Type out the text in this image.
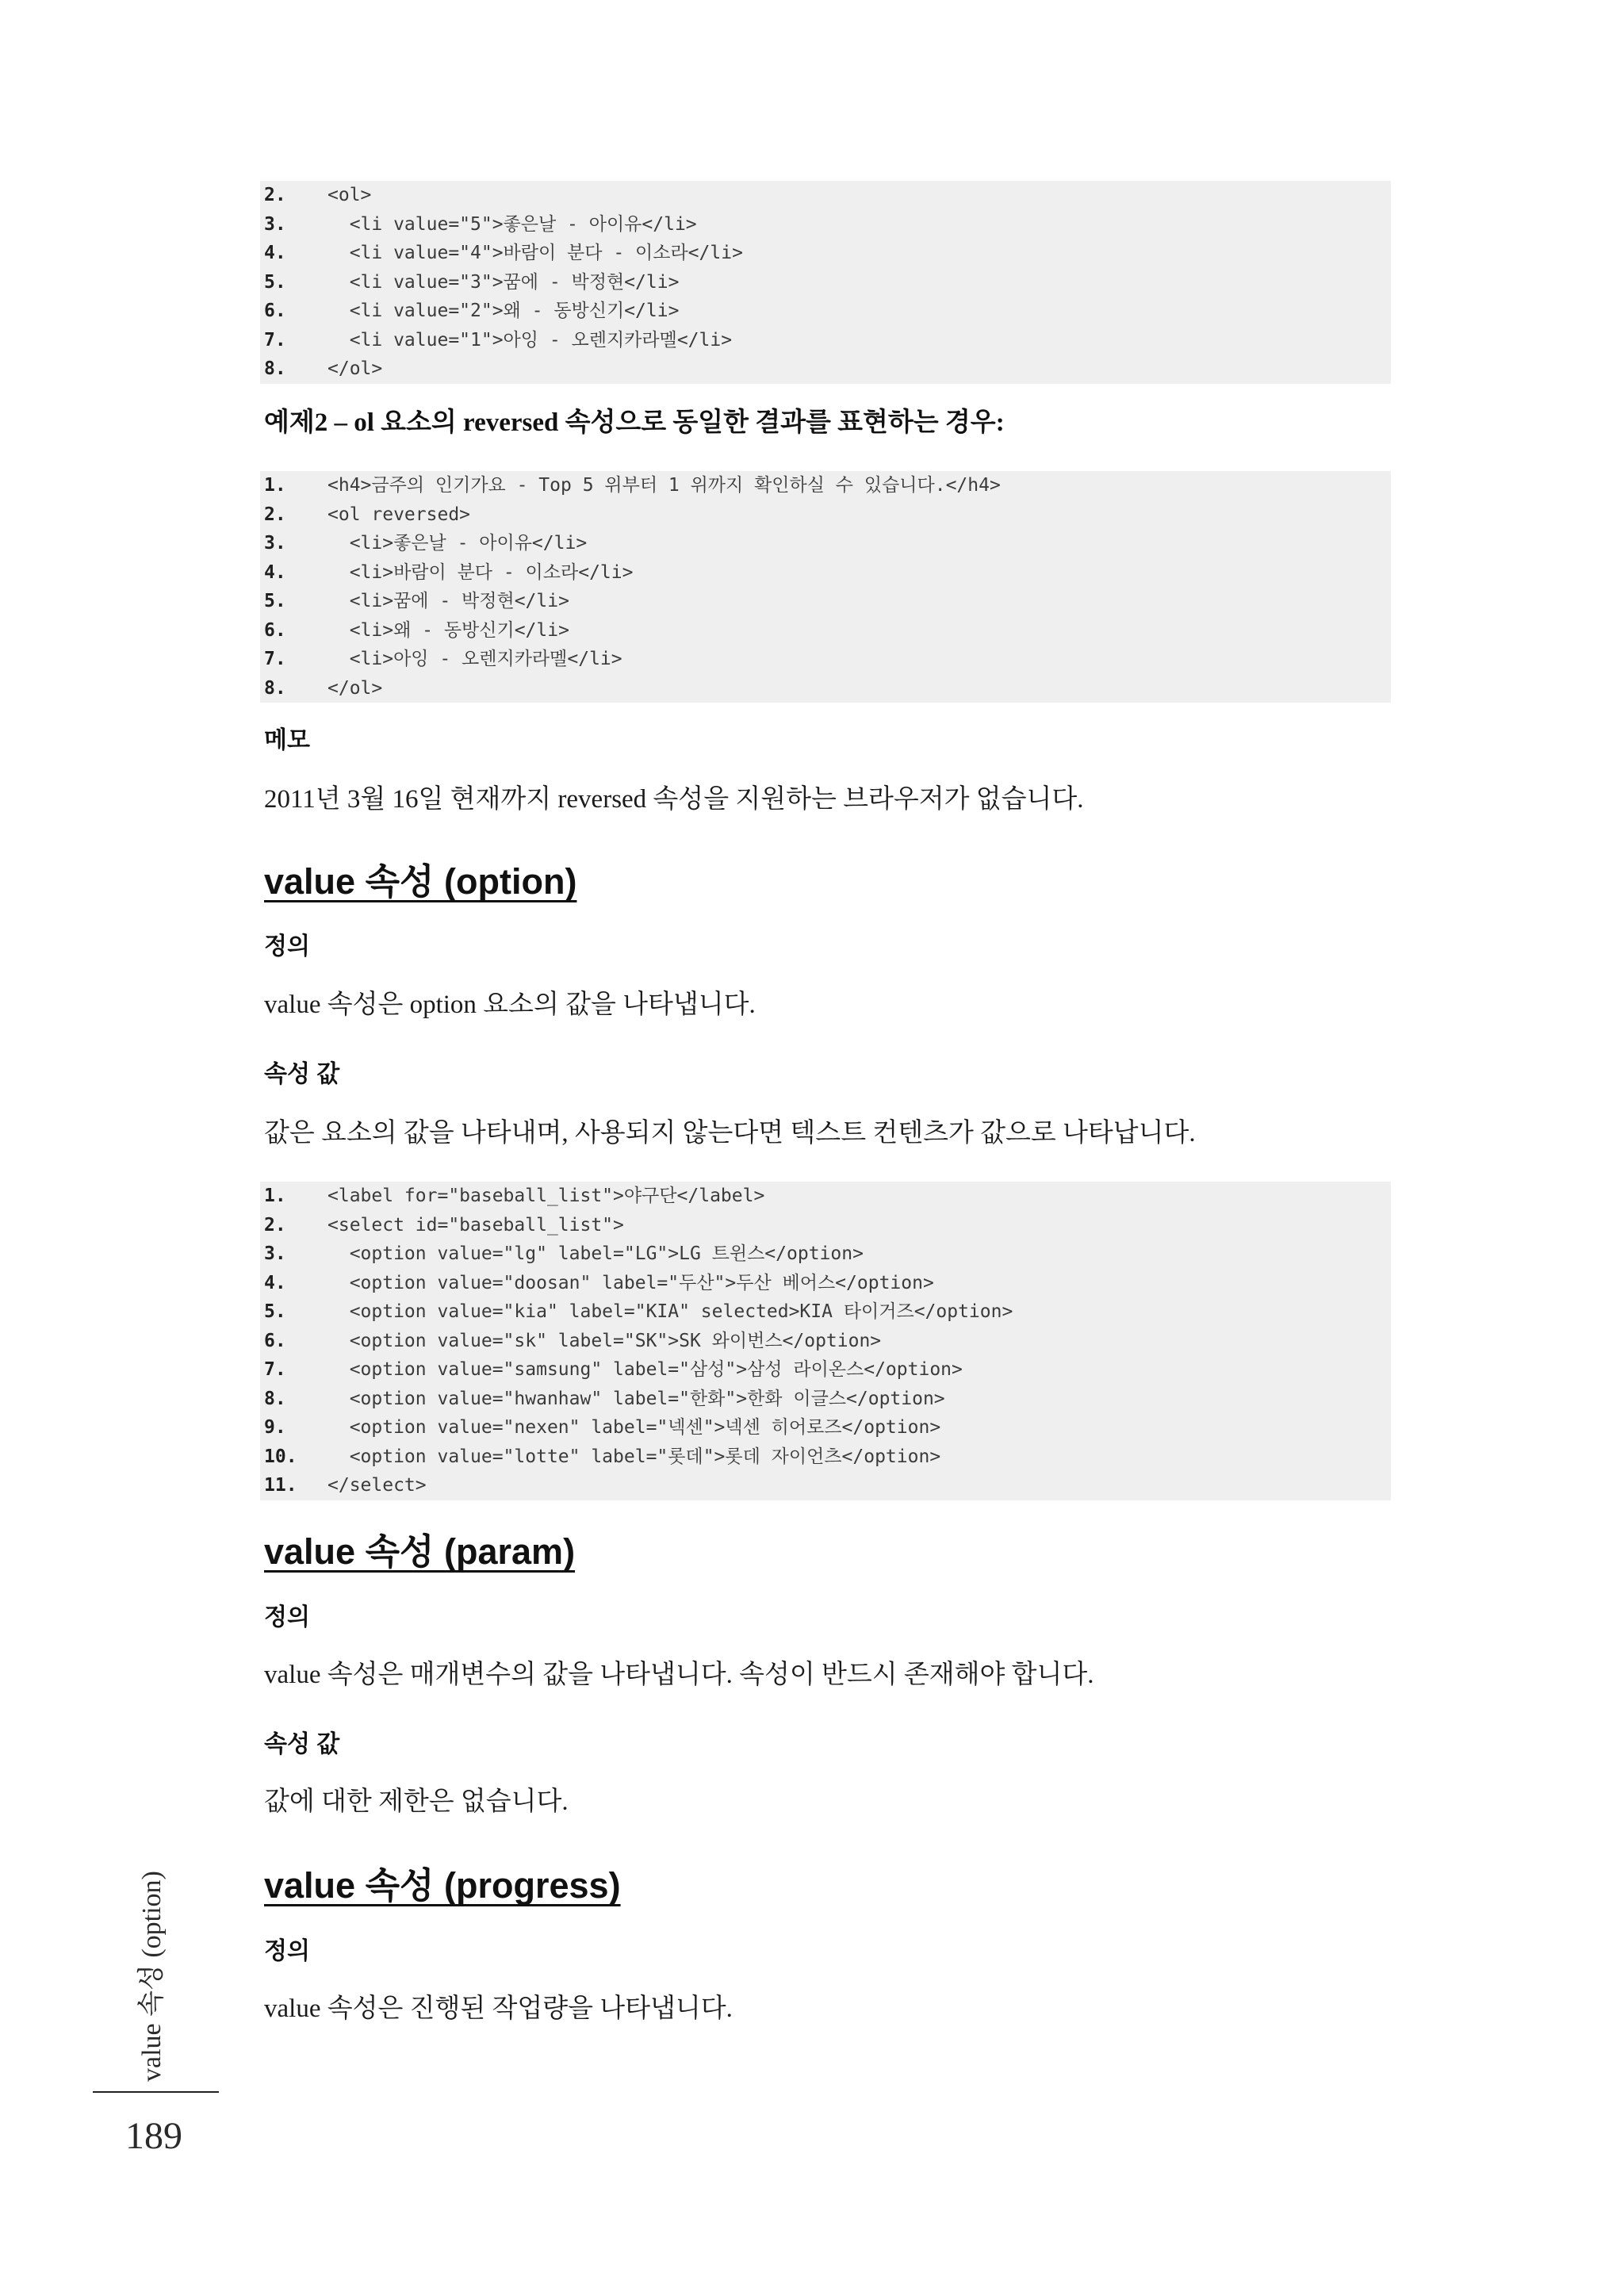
2. <ol>
3. <li value="5">좋은날 - 아이유</li>
4. <li value="4">바람이 분다 - 이소라</li>
5. <li value="3">꿈에 - 박정현</li>
6. <li value="2">왜 - 동방신기</li>
7. <li value="1">아잉 - 오렌지카라멜</li>
8. </ol>
예제2 – ol 요소의 reversed 속성으로 동일한 결과를 표현하는 경우:
1. <h4>금주의 인기가요 - Top 5 위부터 1 위까지 확인하실 수 있습니다.</h4>
2. <ol reversed>
3. <li>좋은날 - 아이유</li>
4. <li>바람이 분다 - 이소라</li>
5. <li>꿈에 - 박정현</li>
6. <li>왜 - 동방신기</li>
7. <li>아잉 - 오렌지카라멜</li>
8. </ol>
메모
2011년 3월 16일 현재까지 reversed 속성을 지원하는 브라우저가 없습니다.
value 속성 (option)
정의
value 속성은 option 요소의 값을 나타냅니다.
속성 값
값은 요소의 값을 나타내며, 사용되지 않는다면 텍스트 컨텐츠가 값으로 나타납니다.
1. <label for="baseball_list">야구단</label>
2. <select id="baseball_list">
3. <option value="lg" label="LG">LG 트윈스</option>
4. <option value="doosan" label="두산">두산 베어스</option>
5. <option value="kia" label="KIA" selected>KIA 타이거즈</option>
6. <option value="sk" label="SK">SK 와이번스</option>
7. <option value="samsung" label="삼성">삼성 라이온스</option>
8. <option value="hwanhaw" label="한화">한화 이글스</option>
9. <option value="nexen" label="넥센">넥센 히어로즈</option>
10. <option value="lotte" label="롯데">롯데 자이언츠</option>
11. </select>
value 속성 (param)
정의
value 속성은 매개변수의 값을 나타냅니다. 속성이 반드시 존재해야 합니다.
속성 값
값에 대한 제한은 없습니다.
value 속성 (progress)
정의
value 속성은 진행된 작업량을 나타냅니다.
value 속성 (option)
189
